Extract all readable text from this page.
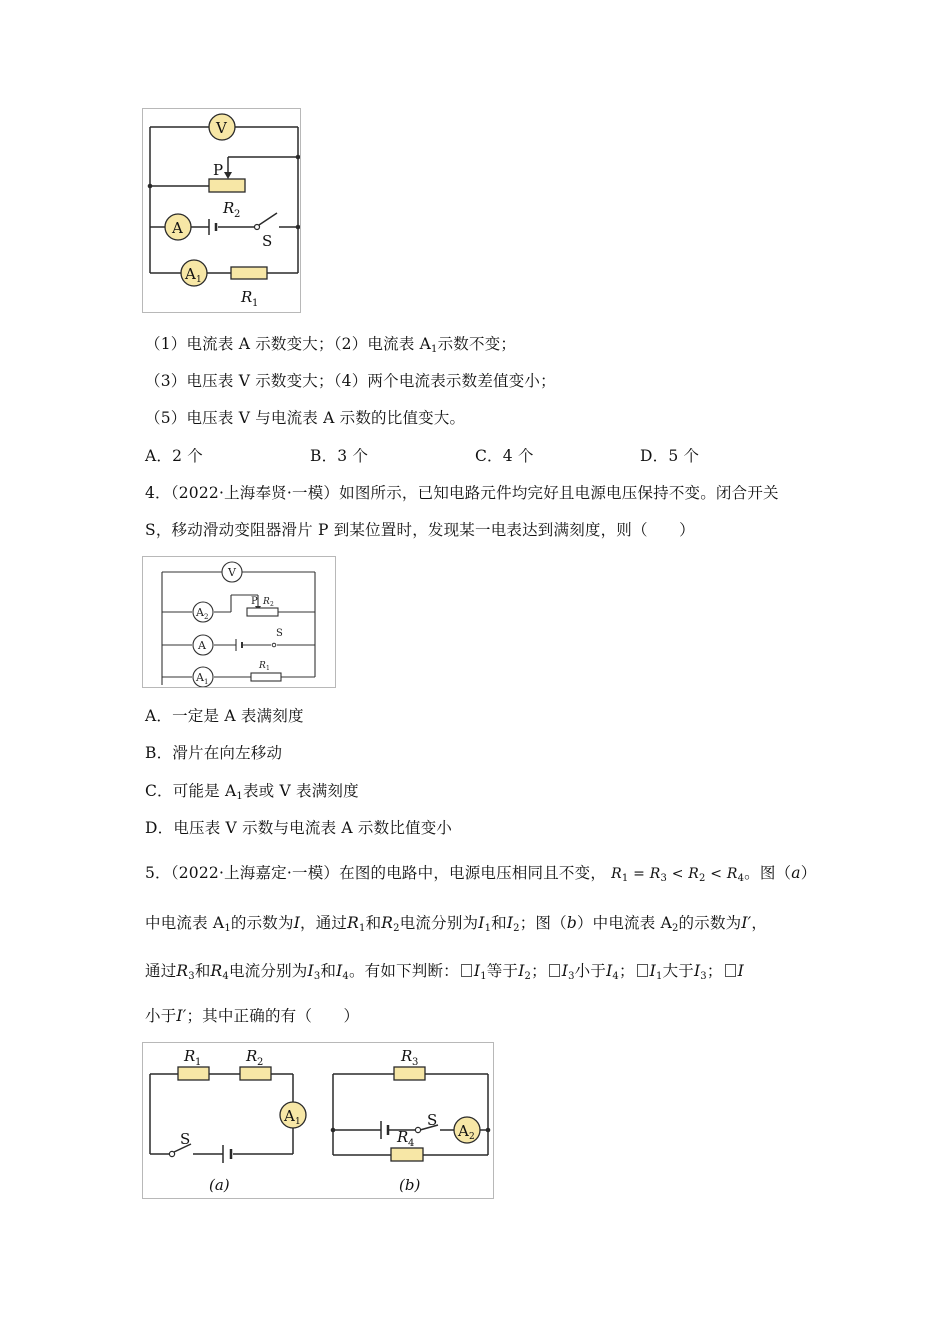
V
P
R 2
A
S
A 1
R 1
（1）电流表 A 示数变大；（2）电流表 $A_1$示数不变；
（3）电压表 V 示数变大；（4）两个电流表示数差值变小；
（5）电压表 V 与电流表 A 示数的比值变大。
A．2 个	B．3 个	C．4 个	D．5 个
4．（2022·上海奉贤·一模）如图所示，已知电路元件均完好且电源电压保持不变。闭合开关
S，移动滑动变阻器滑片 P 到某位置时，发现某一电表达到满刻度，则（　　）
V
A 2
P R 2
A
S
A 1
R 1
A．一定是 A 表满刻度
B．滑片在向左移动
C．可能是 $A_1$表或 V 表满刻度
D．电压表 V 示数与电流表 A 示数比值变小
5．（2022·上海嘉定·一模）在图的电路中，电源电压相同且不变， $R_1 = R_3 < R_2 < R_4$。图（a）
中电流表 $A_1$的示数为I，通过$R_1$和$R_2$电流分别为$I_1$和$I_2$；图（b）中电流表 $A_2$的示数为I′，
通过$R_3$和$R_4$电流分别为$I_3$和$I_4$。有如下判断： $I_1$等于$I_2$； $I_3$小于$I_4$； $I_1$大于$I_3$； I
小于I′；其中正确的有（　　）
R 1	R 2
A 1
S
(a)
R 3
S
A 2
R 4
(b)
